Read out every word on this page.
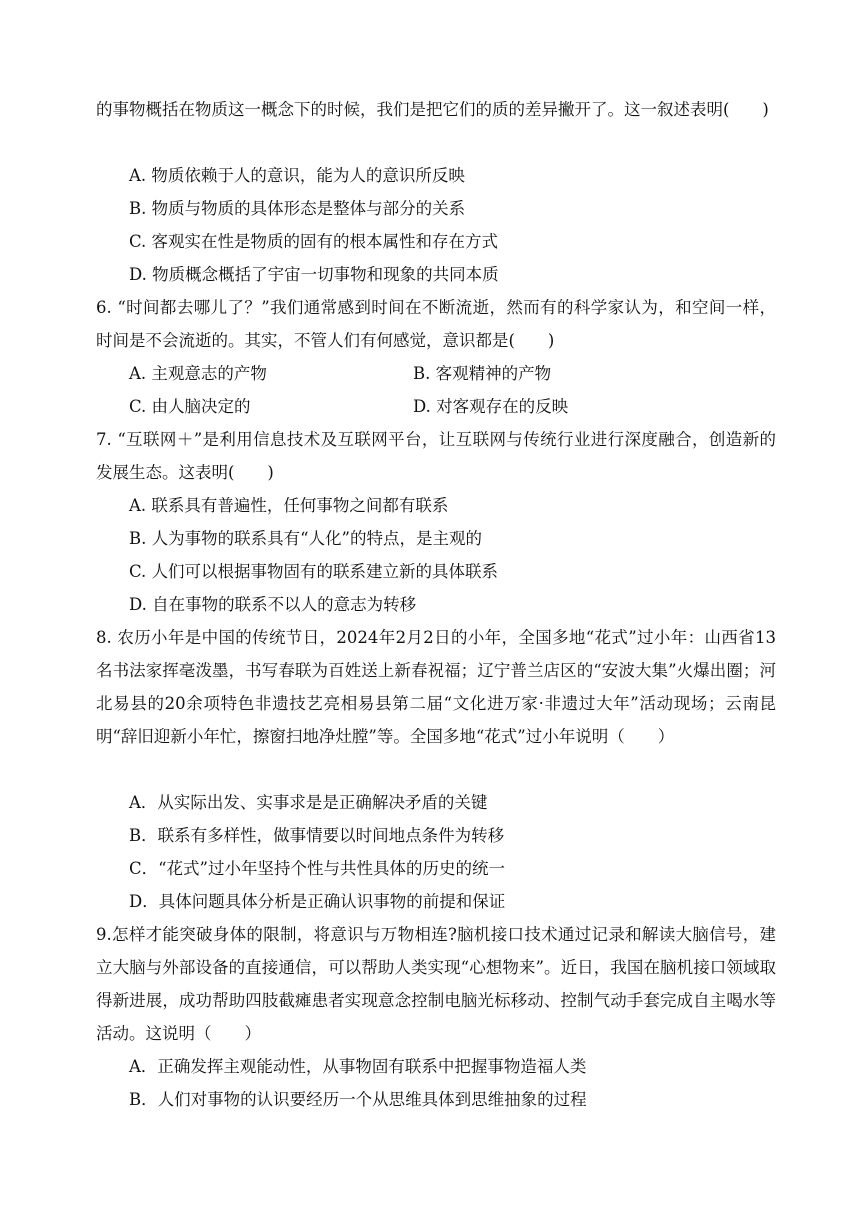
的事物概括在物质这一概念下的时候，我们是把它们的质的差异撇开了。这一叙述表明(　　)

A. 物质依赖于人的意识，能为人的意识所反映

B. 物质与物质的具体形态是整体与部分的关系

C. 客观实在性是物质的固有的根本属性和存在方式

D. 物质概念概括了宇宙一切事物和现象的共同本质

6. “时间都去哪儿了？”我们通常感到时间在不断流逝，然而有的科学家认为，和空间一样，时间是不会流逝的。其实，不管人们有何感觉，意识都是(　　)

A. 主观意志的产物	B. 客观精神的产物

C. 由人脑决定的	D. 对客观存在的反映

7. “互联网＋”是利用信息技术及互联网平台，让互联网与传统行业进行深度融合，创造新的发展生态。这表明(　　)

A. 联系具有普遍性，任何事物之间都有联系

B. 人为事物的联系具有“人化”的特点，是主观的

C. 人们可以根据事物固有的联系建立新的具体联系

D. 自在事物的联系不以人的意志为转移

8. 农历小年是中国的传统节日，2024年2月2日的小年，全国多地“花式”过小年：山西省13名书法家挥毫泼墨，书写春联为百姓送上新春祝福；辽宁普兰店区的“安波大集”火爆出圈；河北易县的20余项特色非遗技艺亮相易县第二届“文化进万家·非遗过大年”活动现场；云南昆明“辞旧迎新小年忙，擦窗扫地净灶膛”等。全国多地“花式”过小年说明（　　）

A．从实际出发、实事求是是正确解决矛盾的关键

B．联系有多样性，做事情要以时间地点条件为转移

C．“花式”过小年坚持个性与共性具体的历史的统一

D．具体问题具体分析是正确认识事物的前提和保证

9.怎样才能突破身体的限制，将意识与万物相连?脑机接口技术通过记录和解读大脑信号，建立大脑与外部设备的直接通信，可以帮助人类实现“心想物来”。近日，我国在脑机接口领域取得新进展，成功帮助四肢截瘫患者实现意念控制电脑光标移动、控制气动手套完成自主喝水等活动。这说明（　　）

A．正确发挥主观能动性，从事物固有联系中把握事物造福人类

B．人们对事物的认识要经历一个从思维具体到思维抽象的过程
